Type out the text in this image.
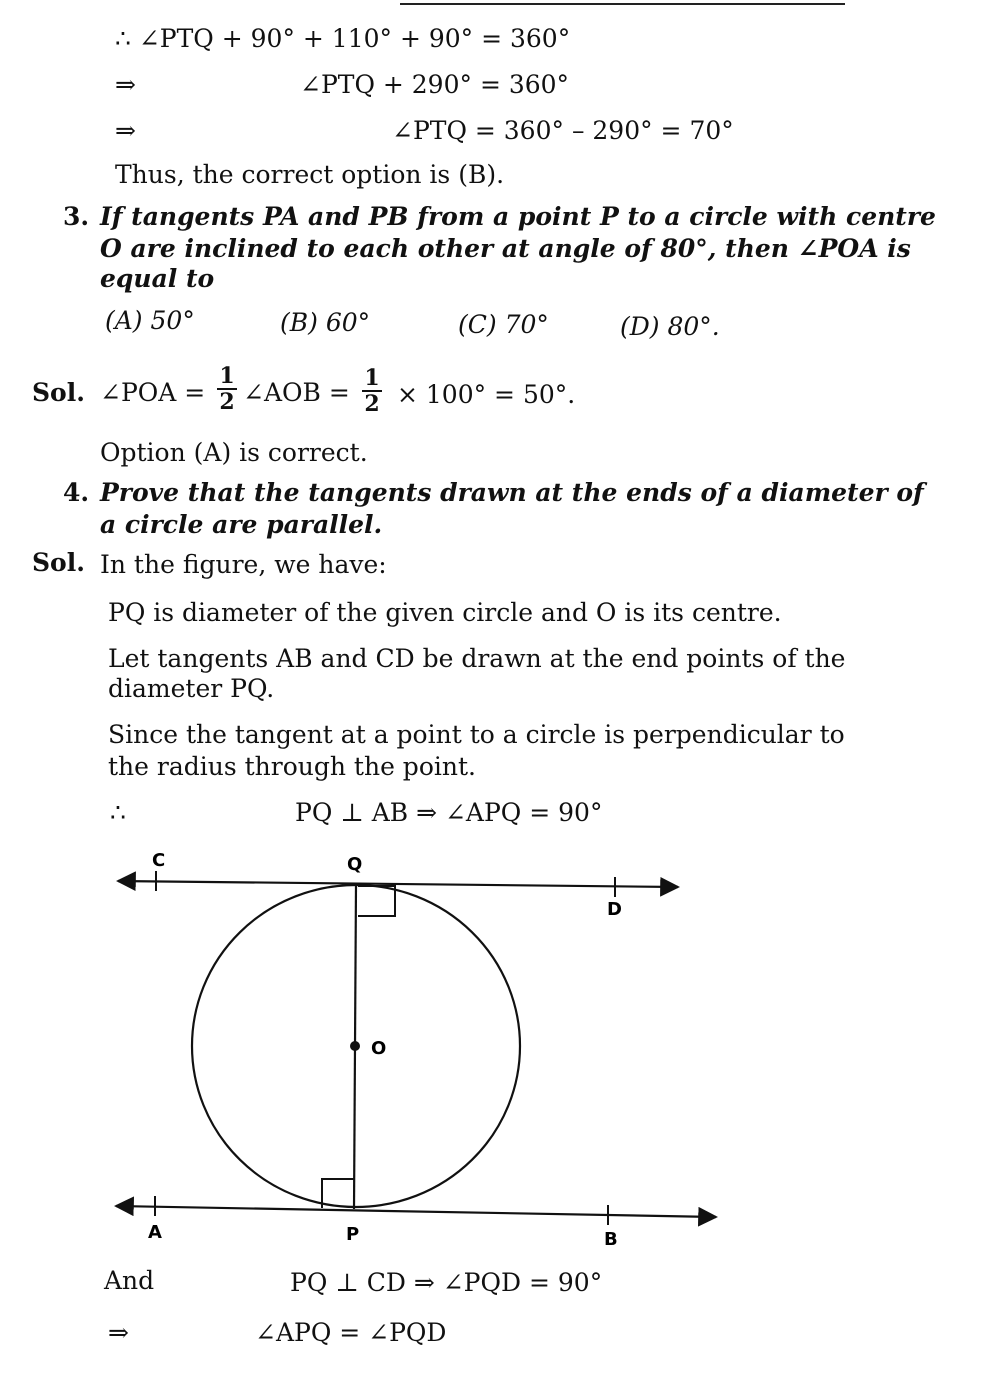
∴ ∠PTQ + 90° + 110° + 90° = 360°
⇒	∠PTQ + 290° = 360°
⇒	∠PTQ = 360° – 290° = 70°
Thus, the correct option is (B).
3. If tangents PA and PB from a point P to a circle with centre
O are inclined to each other at angle of 80°, then ∠POA is
equal to
(A) 50°	(B) 60°	(C) 70°	(D) 80°.
Sol. ∠POA = $\frac{1}{2}$ ∠AOB = $\frac{1}{2} \times 100^\circ = 50^\circ$.
Option (A) is correct.
4. Prove that the tangents drawn at the ends of a diameter of
a circle are parallel.
Sol. In the figure, we have:
PQ is diameter of the given circle and O is its centre.
Let tangents AB and CD be drawn at the end points of the
diameter PQ.
Since the tangent at a point to a circle is perpendicular to
the radius through the point.
∴	PQ ⊥ AB ⇒ ∠APQ = 90°
C	Q
D
O
A	P	B
And	PQ ⊥ CD ⇒ ∠PQD = 90°
⇒	∠APQ = ∠PQD
